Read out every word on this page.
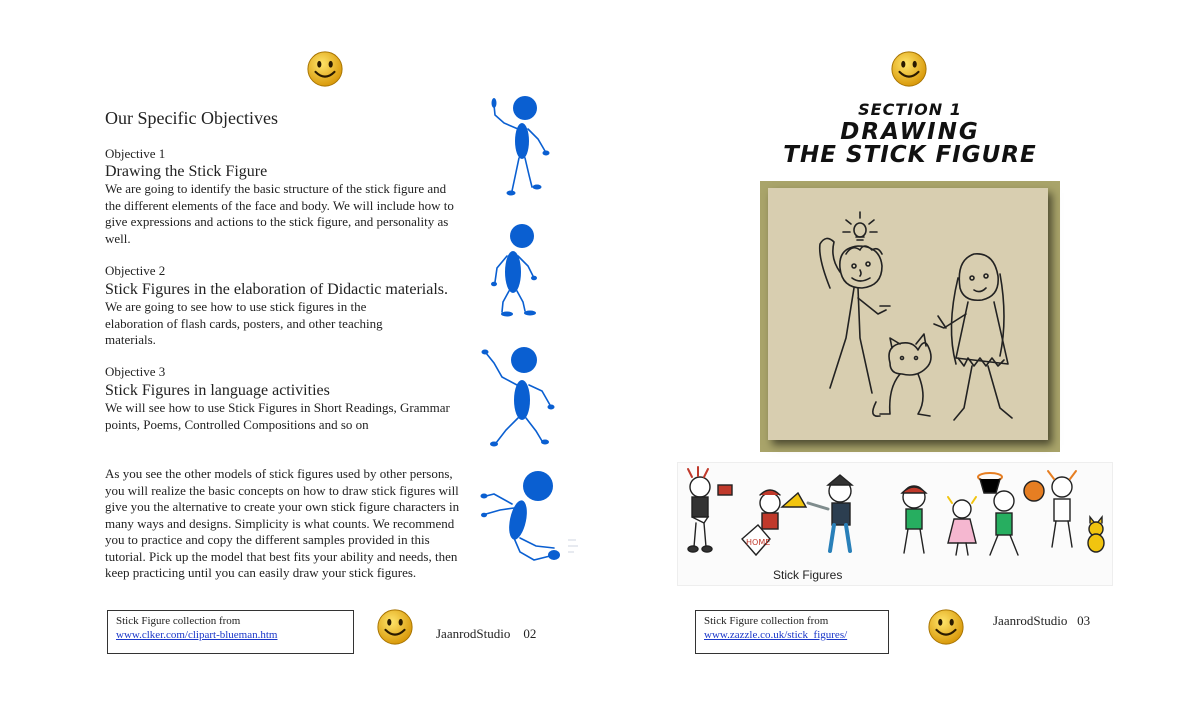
Our Specific Objectives
Objective 1
Drawing the Stick Figure
We are going to identify the basic structure of the stick figure and the different elements of the face and body. We will include how to give expressions and actions to the stick figure, and personality as well.
Objective 2
Stick Figures in the elaboration of Didactic materials.
We are going to see how to use stick figures in the elaboration of flash cards, posters, and other teaching materials.
Objective 3
Stick Figures in language activities
We will see how to use Stick Figures in Short Readings, Grammar points, Poems, Controlled Compositions and so on
As you see the other models of stick figures used by other persons, you will realize the basic concepts on how to draw stick figures will give you the alternative to create your own stick figure characters in many ways and designs. Simplicity is what counts. We recommend you to practice and copy the different samples provided in this tutorial. Pick up the model that best fits your ability and needs, then keep practicing until you can easily draw your stick figures.
Stick Figure collection from
www.clker.com/clipart-blueman.htm	JaanrodStudio    02
SECTION 1
DRAWING
THE STICK FIGURE
HOME
Stick Figures
Stick Figure collection from
www.zazzle.co.uk/stick_figures/
JaanrodStudio   03
